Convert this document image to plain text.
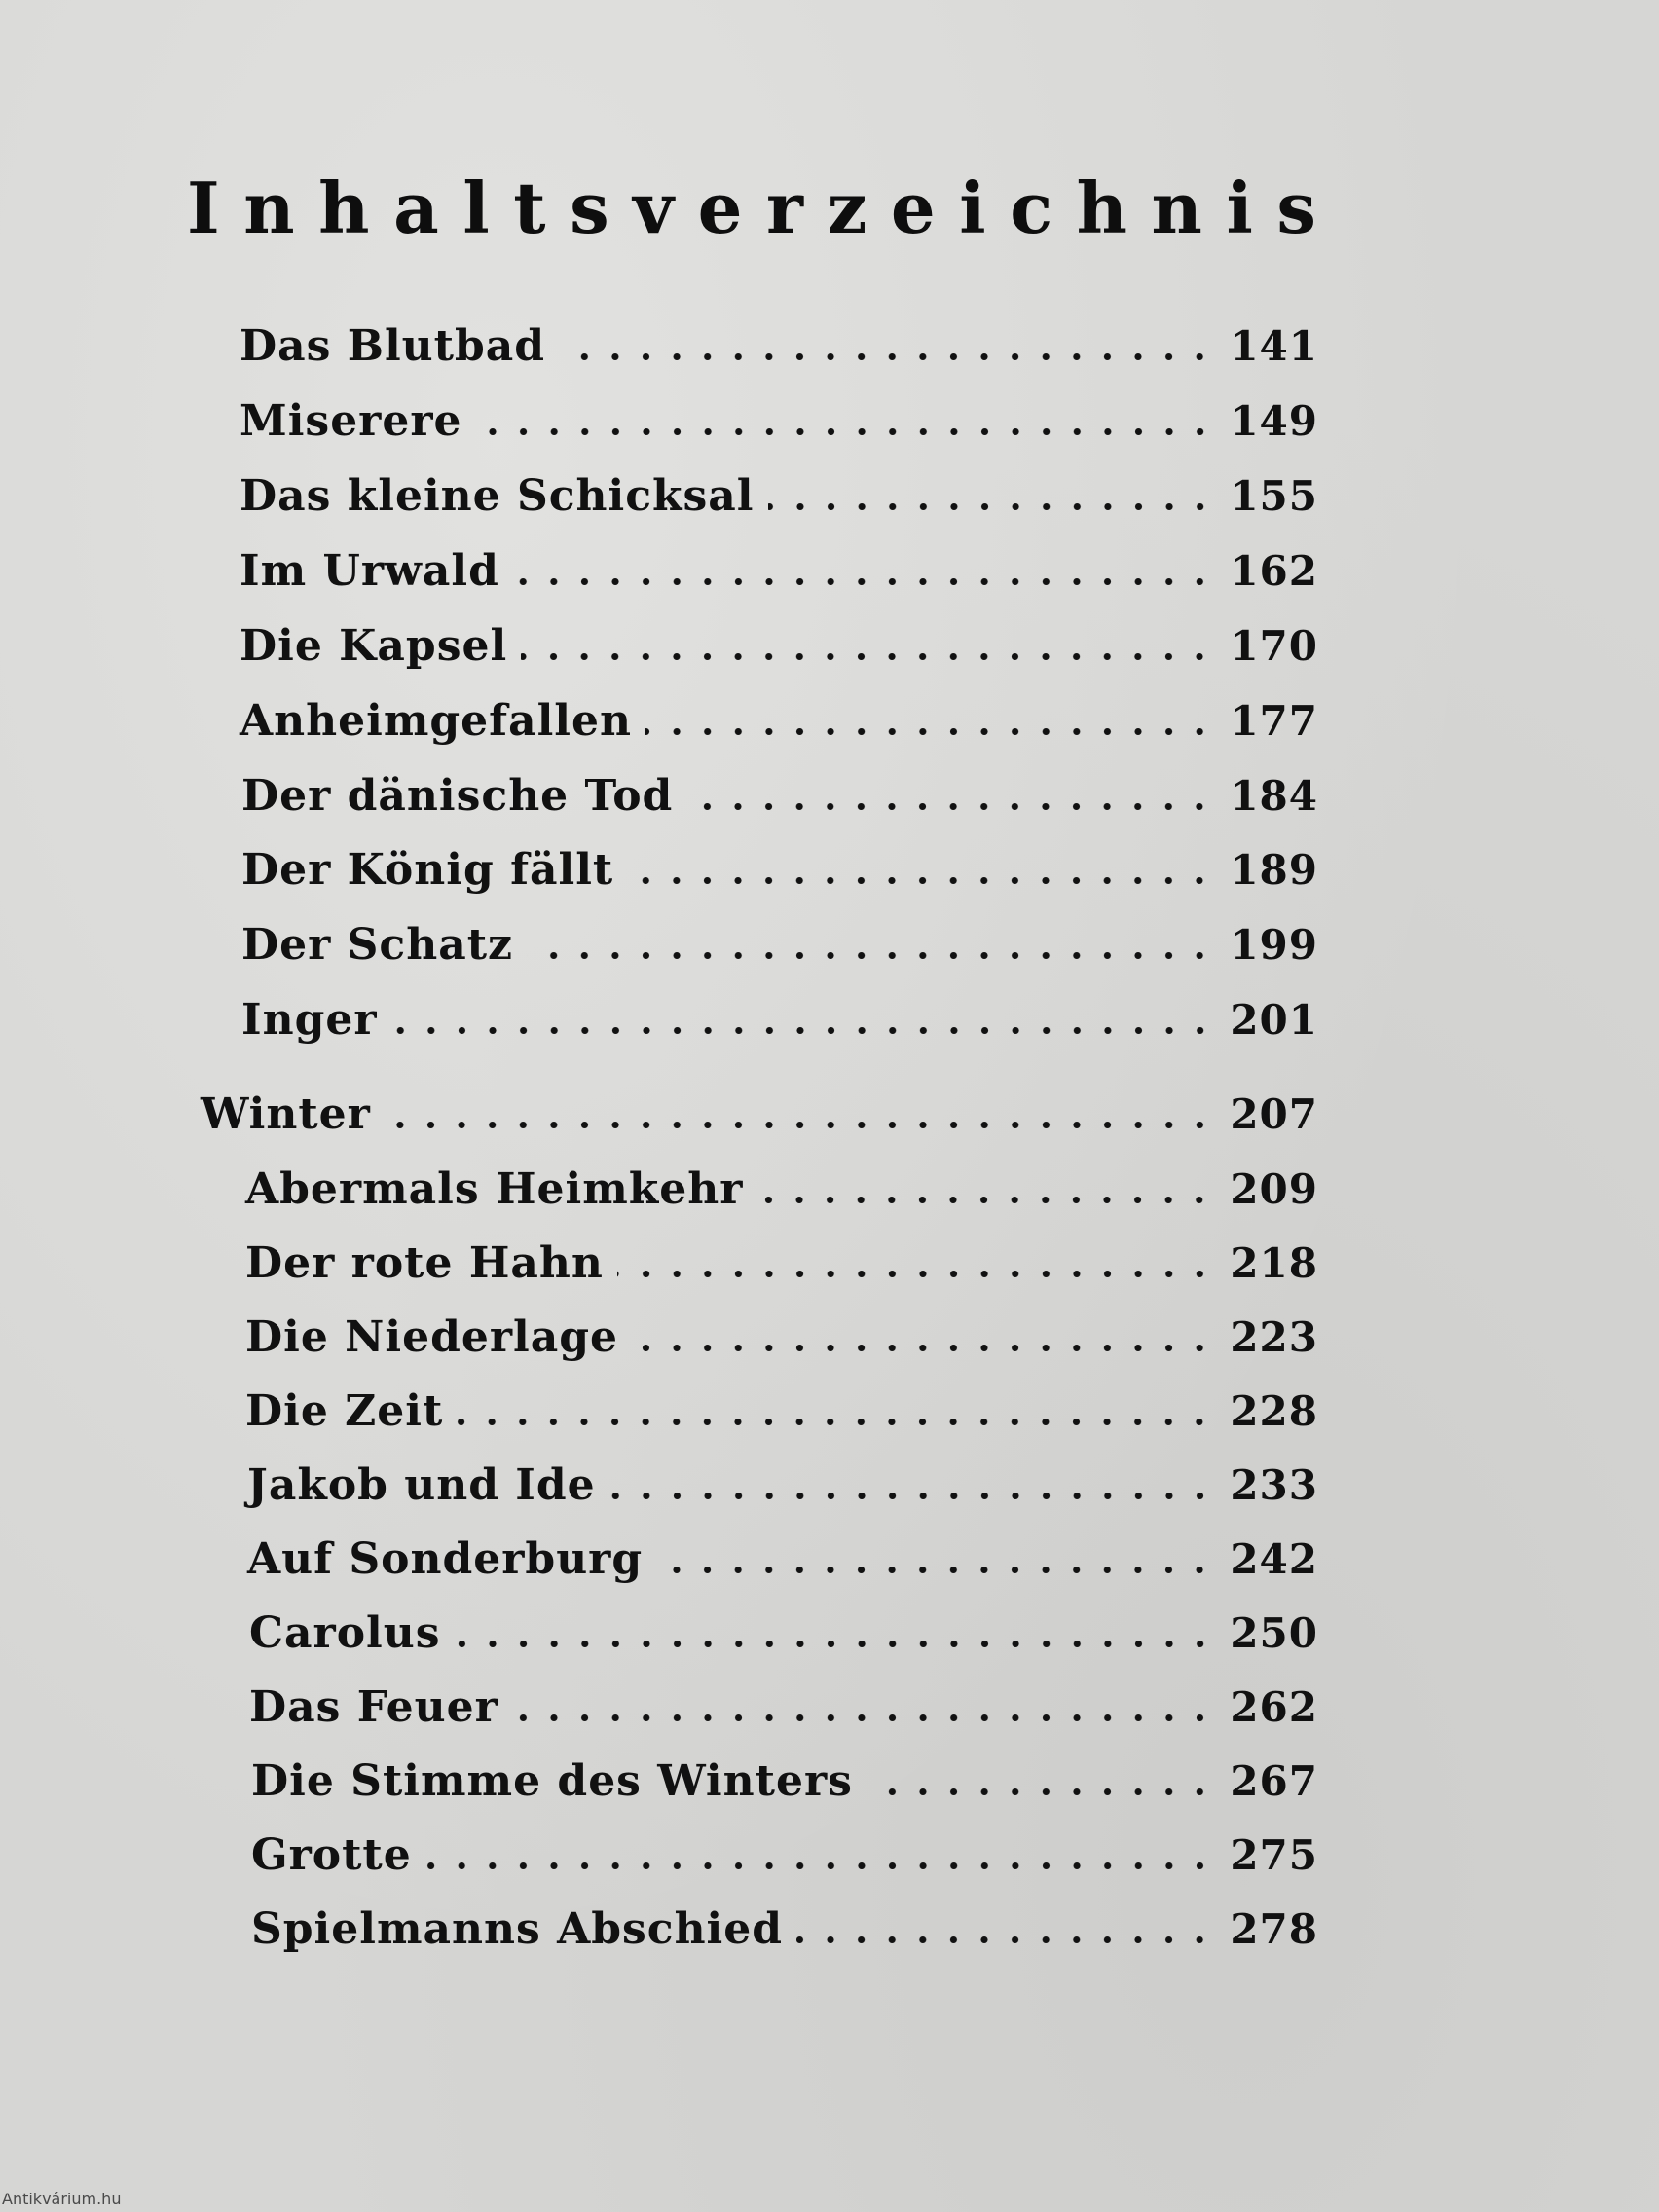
I n h a l t s v e r z e i c h n i s
Das Blutbad	141
Miserere	149
Das kleine Schicksal	155
Im Urwald	162
Die Kapsel	170
Anheimgefallen	177
Der dänische Tod	184
Der König fällt	189
Der Schatz	199
Inger	201
Winter	207
Abermals Heimkehr	209
Der rote Hahn	218
Die Niederlage	223
Die Zeit	228
Jakob und Ide	233
Auf Sonderburg	242
Carolus	250
Das Feuer	262
Die Stimme des Winters	267
Grotte	275
Spielmanns Abschied	278
Antikvárium.hu
